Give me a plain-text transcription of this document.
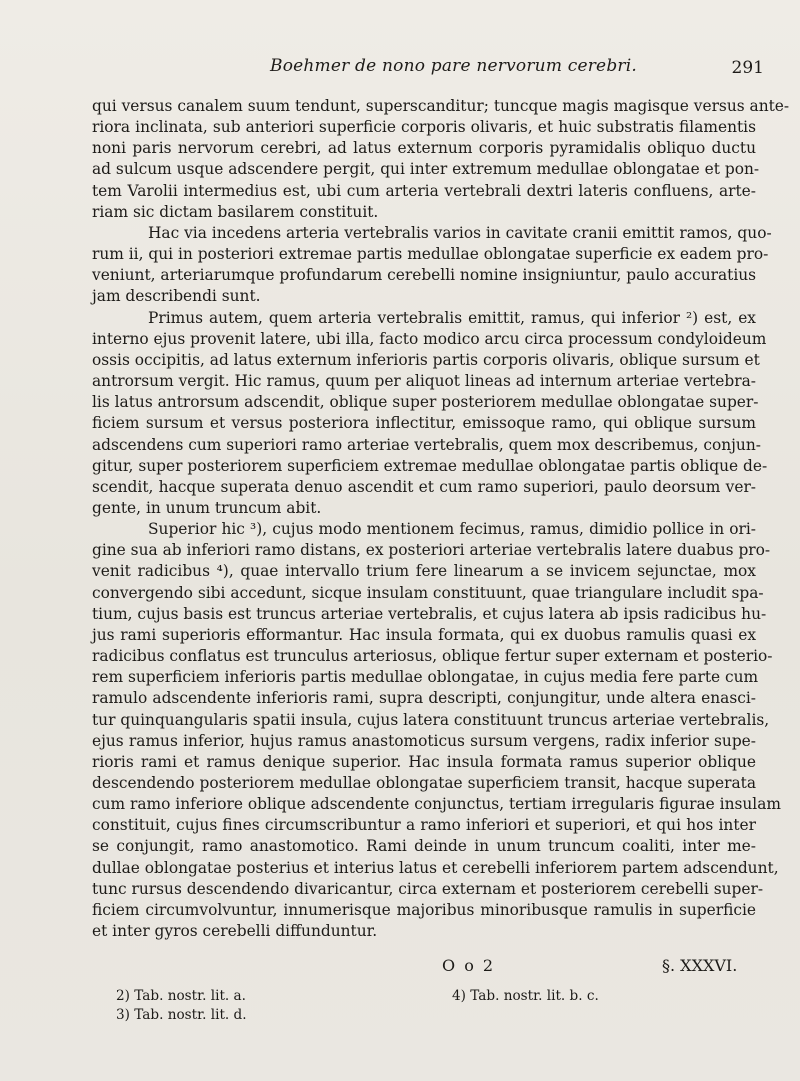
Boehmer de nono pare nervorum cerebri.	291
qui versus canalem suum tendunt, superscanditur; tuncque magis magisque versus ante-
riora inclinata, sub anteriori superficie corporis olivaris, et huic substratis filamentis
noni paris nervorum cerebri, ad latus externum corporis pyramidalis obliquo ductu
ad sulcum usque adscendere pergit, qui inter extremum medullae oblongatae et pon-
tem Varolii intermedius est, ubi cum arteria vertebrali dextri lateris confluens, arte-
riam sic dictam basilarem constituit.
Hac via incedens arteria vertebralis varios in cavitate cranii emittit ramos, quo-
rum ii, qui in posteriori extremae partis medullae oblongatae superficie ex eadem pro-
veniunt, arteriarumque profundarum cerebelli nomine insigniuntur, paulo accuratius
jam describendi sunt.
Primus autem, quem arteria vertebralis emittit, ramus, qui inferior ²) est, ex
interno ejus provenit latere, ubi illa, facto modico arcu circa processum condyloideum
ossis occipitis, ad latus externum inferioris partis corporis olivaris, oblique sursum et
antrorsum vergit. Hic ramus, quum per aliquot lineas ad internum arteriae vertebra-
lis latus antrorsum adscendit, oblique super posteriorem medullae oblongatae super-
ficiem sursum et versus posteriora inflectitur, emissoque ramo, qui oblique sursum
adscendens cum superiori ramo arteriae vertebralis, quem mox describemus, conjun-
gitur, super posteriorem superficiem extremae medullae oblongatae partis oblique de-
scendit, hacque superata denuo ascendit et cum ramo superiori, paulo deorsum ver-
gente, in unum truncum abit.
Superior hic ³), cujus modo mentionem fecimus, ramus, dimidio pollice in ori-
gine sua ab inferiori ramo distans, ex posteriori arteriae vertebralis latere duabus pro-
venit radicibus ⁴), quae intervallo trium fere linearum a se invicem sejunctae, mox
convergendo sibi accedunt, sicque insulam constituunt, quae triangulare includit spa-
tium, cujus basis est truncus arteriae vertebralis, et cujus latera ab ipsis radicibus hu-
jus rami superioris efformantur. Hac insula formata, qui ex duobus ramulis quasi ex
radicibus conflatus est trunculus arteriosus, oblique fertur super externam et posterio-
rem superficiem inferioris partis medullae oblongatae, in cujus media fere parte cum
ramulo adscendente inferioris rami, supra descripti, conjungitur, unde altera enasci-
tur quinquangularis spatii insula, cujus latera constituunt truncus arteriae vertebralis,
ejus ramus inferior, hujus ramus anastomoticus sursum vergens, radix inferior supe-
rioris rami et ramus denique superior. Hac insula formata ramus superior oblique
descendendo posteriorem medullae oblongatae superficiem transit, hacque superata
cum ramo inferiore oblique adscendente conjunctus, tertiam irregularis figurae insulam
constituit, cujus fines circumscribuntur a ramo inferiori et superiori, et qui hos inter
se conjungit, ramo anastomotico. Rami deinde in unum truncum coaliti, inter me-
dullae oblongatae posterius et interius latus et cerebelli inferiorem partem adscendunt,
tunc rursus descendendo divaricantur, circa externam et posteriorem cerebelli super-
ficiem circumvolvuntur, innumerisque majoribus minoribusque ramulis in superficie
et inter gyros cerebelli diffunduntur.
O o 2	§. XXXVI.
2) Tab. nostr. lit. a.
3) Tab. nostr. lit. d.
4) Tab. nostr. lit. b. c.
